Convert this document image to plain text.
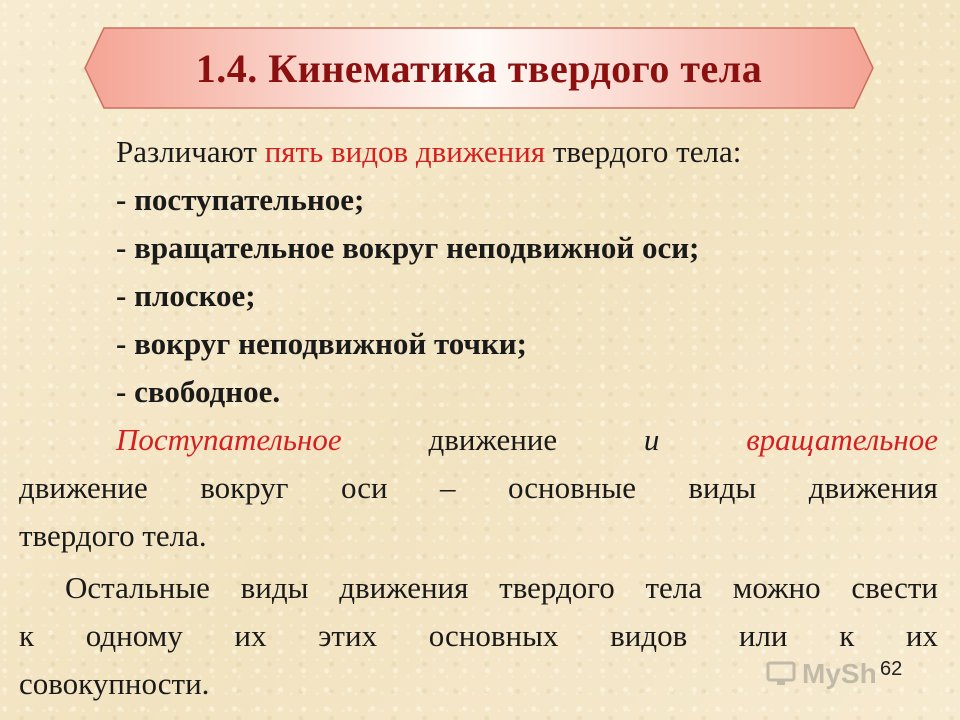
1.4. Кинематика твердого тела
Различают пять видов движения твердого тела:
- поступательное;
- вращательное вокруг неподвижной оси;
- плоское;
- вокруг неподвижной точки;
- свободное.
Поступательное	движение	и	вращательное
движение вокруг оси – основные виды движения
твердого тела.
Остальные виды движения твердого тела можно свести
к одному их этих основных видов или к их
совокупности.	MySh 62
